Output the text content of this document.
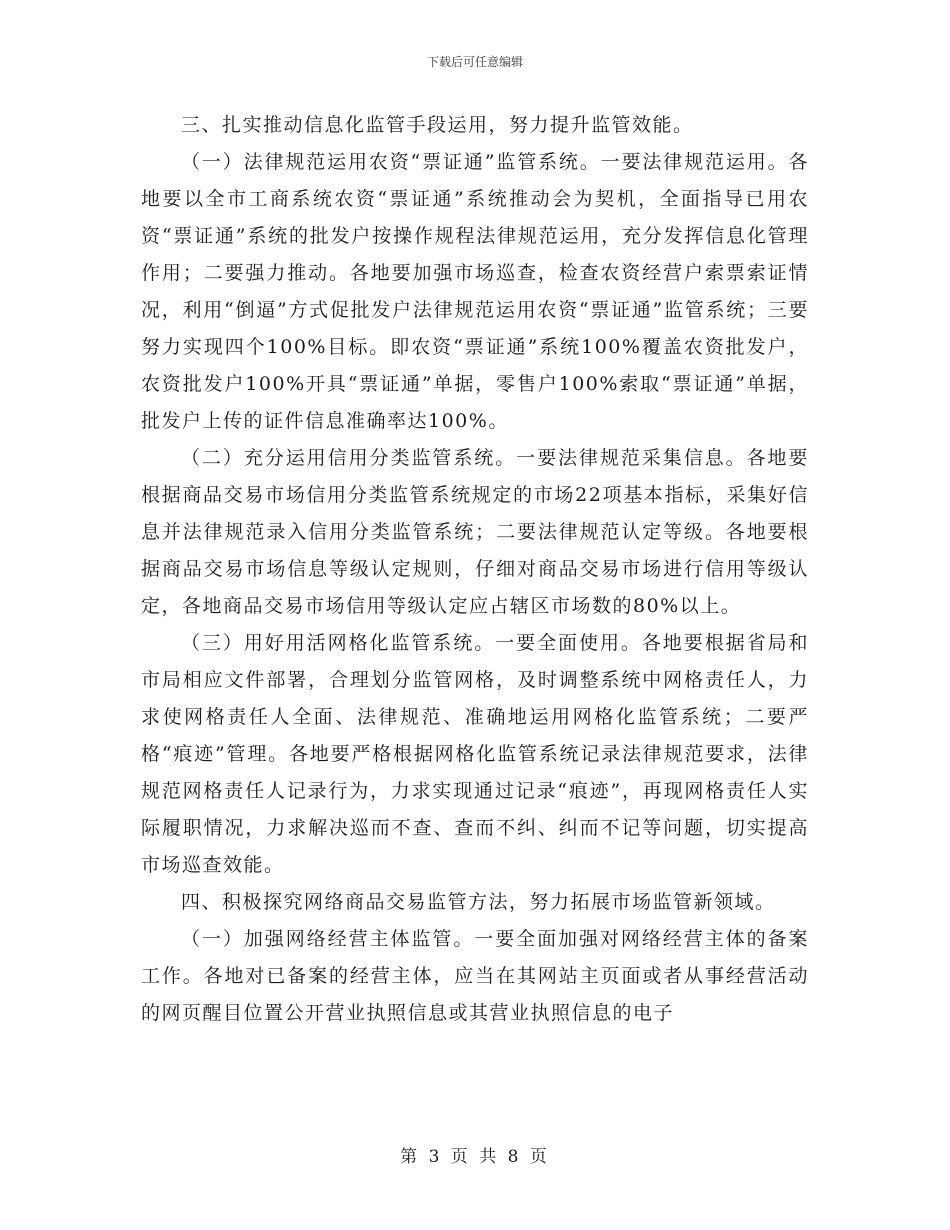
下载后可任意编辑

三、扎实推动信息化监管手段运用，努力提升监管效能。

（一）法律规范运用农资“票证通”监管系统。一要法律规范运用。各地要以全市工商系统农资“票证通”系统推动会为契机，全面指导已用农资“票证通”系统的批发户按操作规程法律规范运用，充分发挥信息化管理作用；二要强力推动。各地要加强市场巡查，检查农资经营户索票索证情况，利用“倒逼”方式促批发户法律规范运用农资“票证通”监管系统；三要努力实现四个100%目标。即农资“票证通”系统100%覆盖农资批发户，农资批发户100%开具“票证通”单据，零售户100%索取“票证通”单据，批发户上传的证件信息准确率达100%。

（二）充分运用信用分类监管系统。一要法律规范采集信息。各地要根据商品交易市场信用分类监管系统规定的市场22项基本指标，采集好信息并法律规范录入信用分类监管系统；二要法律规范认定等级。各地要根据商品交易市场信息等级认定规则，仔细对商品交易市场进行信用等级认定，各地商品交易市场信用等级认定应占辖区市场数的80%以上。

（三）用好用活网格化监管系统。一要全面使用。各地要根据省局和市局相应文件部署，合理划分监管网格，及时调整系统中网格责任人，力求使网格责任人全面、法律规范、准确地运用网格化监管系统；二要严格“痕迹”管理。各地要严格根据网格化监管系统记录法律规范要求，法律规范网格责任人记录行为，力求实现通过记录“痕迹”，再现网格责任人实际履职情况，力求解决巡而不查、查而不纠、纠而不记等问题，切实提高市场巡查效能。

四、积极探究网络商品交易监管方法，努力拓展市场监管新领域。

（一）加强网络经营主体监管。一要全面加强对网络经营主体的备案工作。各地对已备案的经营主体，应当在其网站主页面或者从事经营活动的网页醒目位置公开营业执照信息或其营业执照信息的电子

第 3 页 共 8 页
